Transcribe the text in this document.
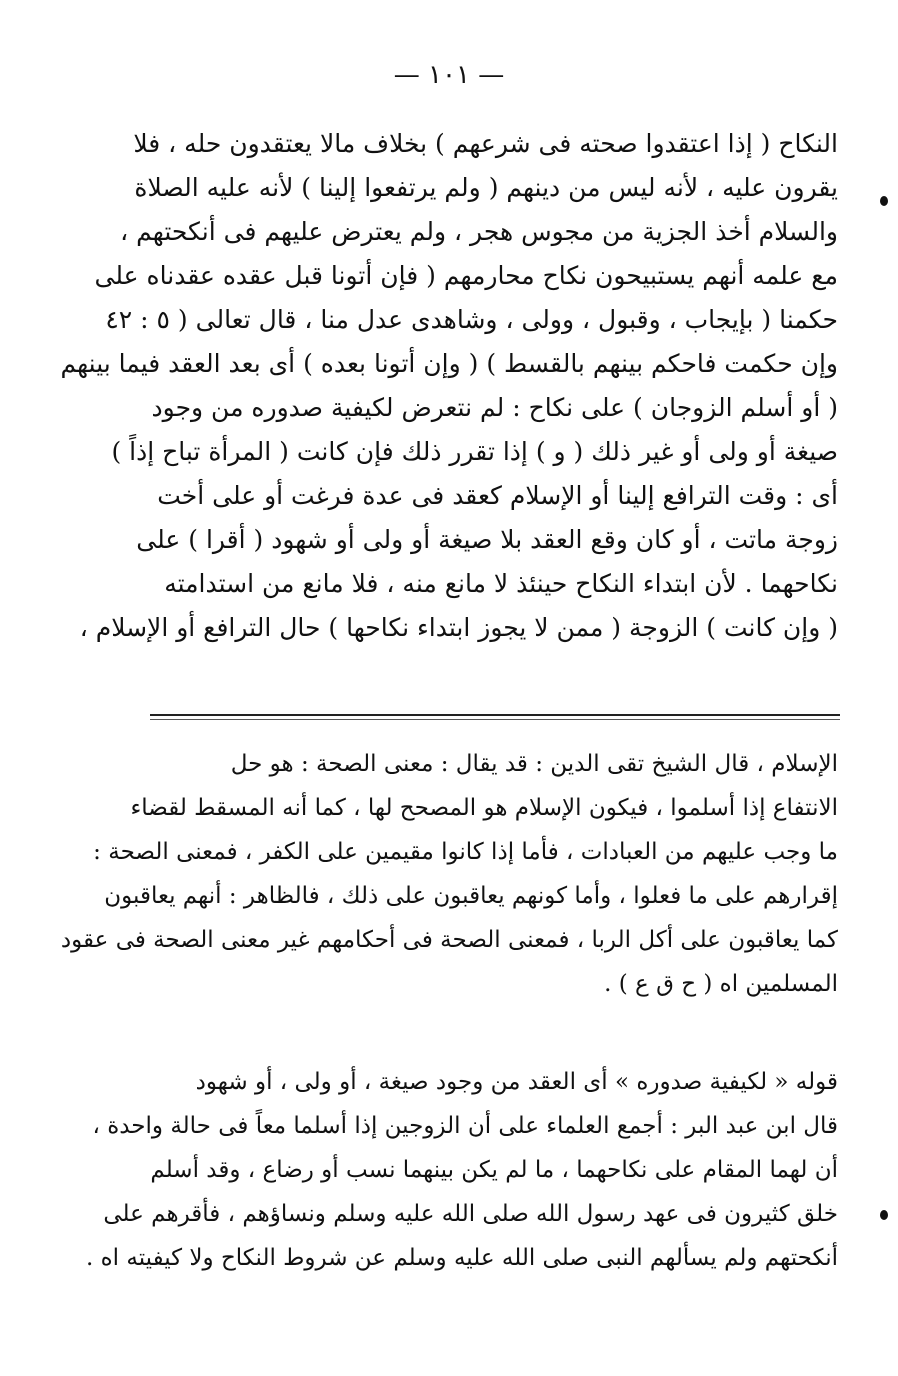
— ١٠١ —
النكاح ( إذا اعتقدوا صحته فى شرعهم ) بخلاف مالا يعتقدون حله ، فلا
يقرون عليه ، لأنه ليس من دينهم ( ولم يرتفعوا إلينا ) لأنه عليه الصلاة
والسلام أخذ الجزية من مجوس هجر ، ولم يعترض عليهم فى أنكحتهم ،
مع علمه أنهم يستبيحون نكاح محارمهم ( فإن أتونا قبل عقده عقدناه على
حكمنا ( بإيجاب ، وقبول ، وولى ، وشاهدى عدل منا ، قال تعالى ( ٥ : ٤٢
وإن حكمت فاحكم بينهم بالقسط ) ( وإن أتونا بعده ) أى بعد العقد فيما بينهم
( أو أسلم الزوجان ) على نكاح : لم نتعرض لكيفية صدوره من وجود
صيغة أو ولى أو غير ذلك ( و ) إذا تقرر ذلك فإن كانت ( المرأة تباح إذاً )
أى : وقت الترافع إلينا أو الإسلام كعقد فى عدة فرغت أو على أخت
زوجة ماتت ، أو كان وقع العقد بلا صيغة أو ولى أو شهود ( أقرا ) على
نكاحهما . لأن ابتداء النكاح حينئذ لا مانع منه ، فلا مانع من استدامته
( وإن كانت ) الزوجة ( ممن لا يجوز ابتداء نكاحها ) حال الترافع أو الإسلام ،
الإسلام ، قال الشيخ تقى الدين : قد يقال : معنى الصحة : هو حل
الانتفاع إذا أسلموا ، فيكون الإسلام هو المصحح لها ، كما أنه المسقط لقضاء
ما وجب عليهم من العبادات ، فأما إذا كانوا مقيمين على الكفر ، فمعنى الصحة :
إقرارهم على ما فعلوا ، وأما كونهم يعاقبون على ذلك ، فالظاهر : أنهم يعاقبون
كما يعاقبون على أكل الربا ، فمعنى الصحة فى أحكامهم غير معنى الصحة فى عقود
المسلمين اه ( ح ق ع ) .
قوله « لكيفية صدوره » أى العقد من وجود صيغة ، أو ولى ، أو شهود
قال ابن عبد البر : أجمع العلماء على أن الزوجين إذا أسلما معاً فى حالة واحدة ،
أن لهما المقام على نكاحهما ، ما لم يكن بينهما نسب أو رضاع ، وقد أسلم
خلق كثيرون فى عهد رسول الله صلى الله عليه وسلم ونساؤهم ، فأقرهم على
أنكحتهم ولم يسألهم النبى صلى الله عليه وسلم عن شروط النكاح ولا كيفيته اه .
